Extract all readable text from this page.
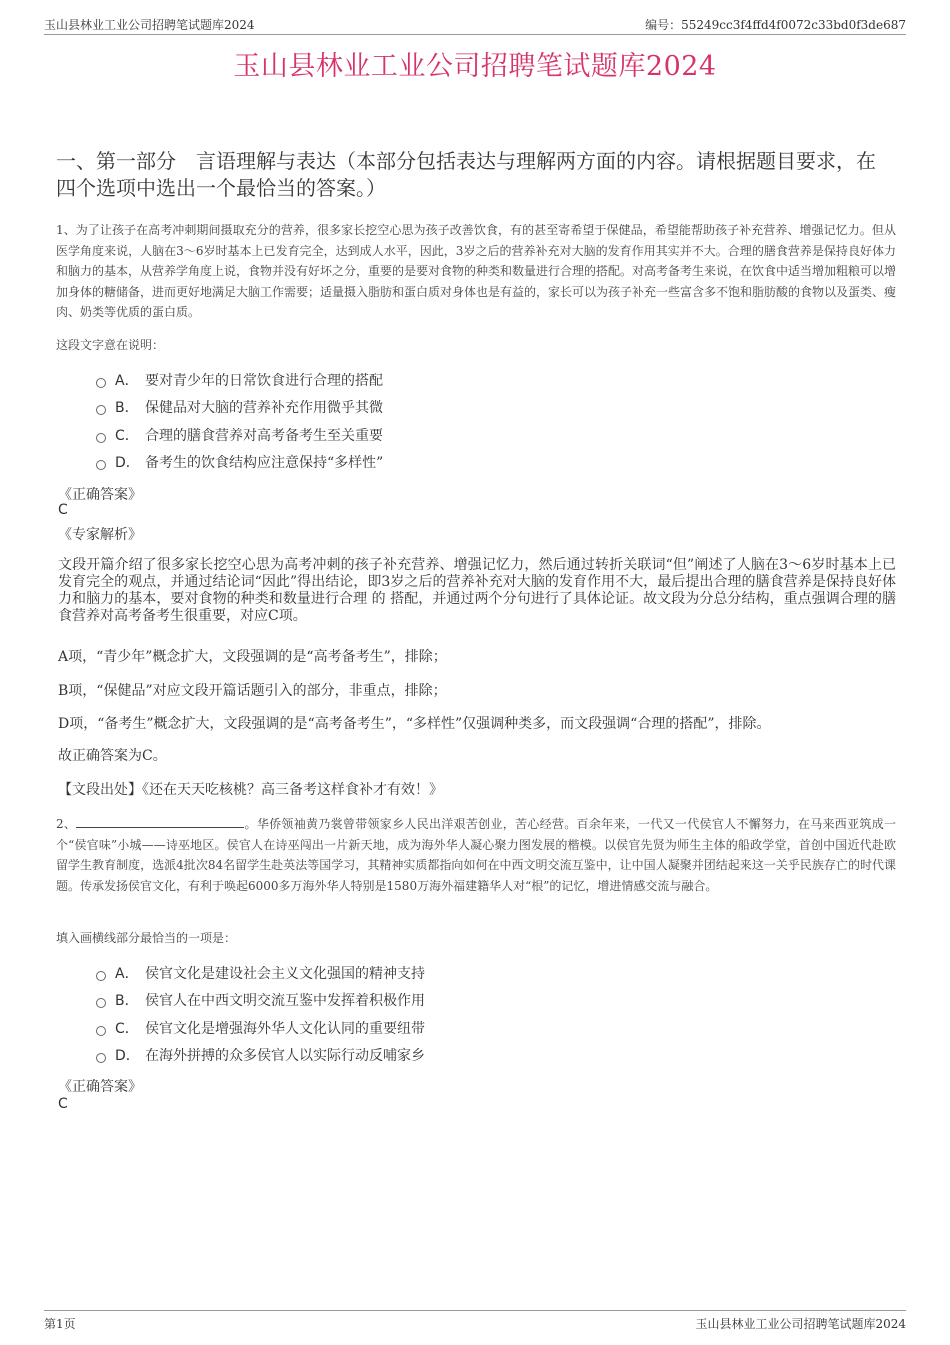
玉山县林业工业公司招聘笔试题库2024	编号：55249cc3f4ffd4f0072c33bd0f3de687
玉山县林业工业公司招聘笔试题库2024
一、第一部分　言语理解与表达（本部分包括表达与理解两方面的内容。请根据题目要求，在四个选项中选出一个最恰当的答案。）
1、为了让孩子在高考冲刺期间摄取充分的营养，很多家长挖空心思为孩子改善饮食，有的甚至寄希望于保健品，希望能帮助孩子补充营养、增强记忆力。但从医学角度来说，人脑在3～6岁时基本上已发育完全，达到成人水平，因此，3岁之后的营养补充对大脑的发育作用其实并不大。合理的膳食营养是保持良好体力和脑力的基本，从营养学角度上说，食物并没有好坏之分，重要的是要对食物的种类和数量进行合理的搭配。对高考备考生来说，在饮食中适当增加粗粮可以增加身体的糖储备，进而更好地满足大脑工作需要；适量摄入脂肪和蛋白质对身体也是有益的，家长可以为孩子补充一些富含多不饱和脂肪酸的食物以及蛋类、瘦肉、奶类等优质的蛋白质。
这段文字意在说明：
A． 要对青少年的日常饮食进行合理的搭配
B． 保健品对大脑的营养补充作用微乎其微
C． 合理的膳食营养对高考备考生至关重要
D． 备考生的饮食结构应注意保持“多样性”
《正确答案》
C
《专家解析》
文段开篇介绍了很多家长挖空心思为高考冲刺的孩子补充营养、增强记忆力，然后通过转折关联词“但”阐述了人脑在3～6岁时基本上已发育完全的观点，并通过结论词“因此”得出结论，即3岁之后的营养补充对大脑的发育作用不大，最后提出合理的膳食营养是保持良好体力和脑力的基本，要对食物的种类和数量进行合理 的 搭配，并通过两个分句进行了具体论证。故文段为分总分结构，重点强调合理的膳食营养对高考备考生很重要，对应C项。
A项，“青少年”概念扩大，文段强调的是“高考备考生”，排除；
B项，“保健品”对应文段开篇话题引入的部分，非重点，排除；
D项，“备考生”概念扩大，文段强调的是“高考备考生”，“多样性”仅强调种类多，而文段强调“合理的搭配”，排除。
故正确答案为C。
【文段出处】《还在天天吃核桃？高三备考这样食补才有效！》
2、	。华侨领袖黄乃裳曾带领家乡人民出洋艰苦创业，苦心经营。百余年来，一代又一代侯官人不懈努力，在马来西亚筑成一个“侯官味”小城——诗巫地区。侯官人在诗巫闯出一片新天地，成为海外华人凝心聚力图发展的楷模。以侯官先贤为师生主体的船政学堂，首创中国近代赴欧留学生教育制度，选派4批次84名留学生赴英法等国学习，其精神实质都指向如何在中西文明交流互鉴中，让中国人凝聚并团结起来这一关乎民族存亡的时代课题。传承发扬侯官文化，有利于唤起6000多万海外华人特别是1580万海外福建籍华人对“根”的记忆，增进情感交流与融合。
填入画横线部分最恰当的一项是：
A． 侯官文化是建设社会主义文化强国的精神支持
B． 侯官人在中西文明交流互鉴中发挥着积极作用
C． 侯官文化是增强海外华人文化认同的重要纽带
D． 在海外拼搏的众多侯官人以实际行动反哺家乡
《正确答案》
C
第1页	玉山县林业工业公司招聘笔试题库2024
